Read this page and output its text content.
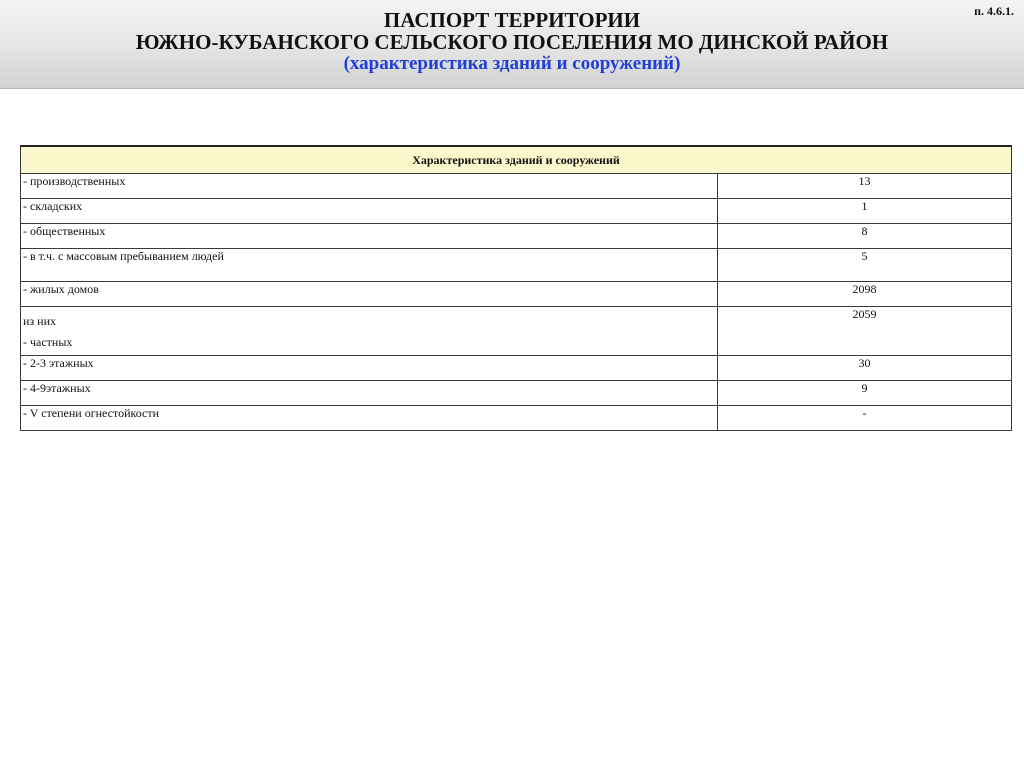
п. 4.6.1.
ПАСПОРТ ТЕРРИТОРИИ
ЮЖНО-КУБАНСКОГО СЕЛЬСКОГО ПОСЕЛЕНИЯ МО ДИНСКОЙ РАЙОН
(характеристика зданий и сооружений)
Характеристика зданий и сооружений	
- производственных	13
- складских	1
- общественных	8
- в т.ч. с массовым пребыванием людей	5
- жилых домов	2098

из них
- частных	2059
- 2-3 этажных	30
- 4-9этажных	9
- V степени огнестойкости	-
